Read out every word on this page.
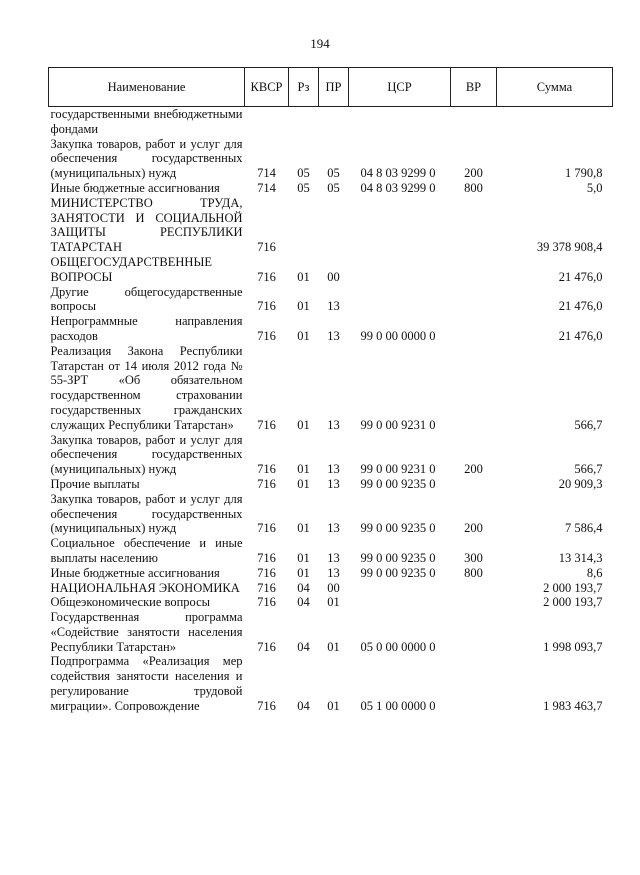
194
Наименование	КВСР	Рз	ПР	ЦСР	ВР	Сумма
государственными внебюджетными фондами						
Закупка товаров, работ и услуг для обеспечения государственных (муниципальных) нужд	714	05	05	04 8 03 9299 0	200	1 790,8
Иные бюджетные ассигнования	714	05	05	04 8 03 9299 0	800	5,0
МИНИСТЕРСТВО ТРУДА, ЗАНЯТОСТИ И СОЦИАЛЬНОЙ ЗАЩИТЫ РЕСПУБЛИКИ ТАТАРСТАН	716					39 378 908,4
ОБЩЕГОСУДАРСТВЕННЫЕ ВОПРОСЫ	716	01	00			21 476,0
Другие общегосударственные вопросы	716	01	13			21 476,0
Непрограммные направления расходов	716	01	13	99 0 00 0000 0		21 476,0
Реализация Закона Республики Татарстан от 14 июля 2012 года № 55-ЗРТ «Об обязательном государственном страховании государственных гражданских служащих Республики Татарстан»	716	01	13	99 0 00 9231 0		566,7
Закупка товаров, работ и услуг для обеспечения государственных (муниципальных) нужд	716	01	13	99 0 00 9231 0	200	566,7
Прочие выплаты	716	01	13	99 0 00 9235 0		20 909,3
Закупка товаров, работ и услуг для обеспечения государственных (муниципальных) нужд	716	01	13	99 0 00 9235 0	200	7 586,4
Социальное обеспечение и иные выплаты населению	716	01	13	99 0 00 9235 0	300	13 314,3
Иные бюджетные ассигнования	716	01	13	99 0 00 9235 0	800	8,6
НАЦИОНАЛЬНАЯ ЭКОНОМИКА	716	04	00			2 000 193,7
Общеэкономические вопросы	716	04	01			2 000 193,7
Государственная программа «Содействие занятости населения Республики Татарстан»	716	04	01	05 0 00 0000 0		1 998 093,7
Подпрограмма «Реализация мер содействия занятости населения и регулирование трудовой миграции». Сопровождение	716	04	01	05 1 00 0000 0		1 983 463,7
